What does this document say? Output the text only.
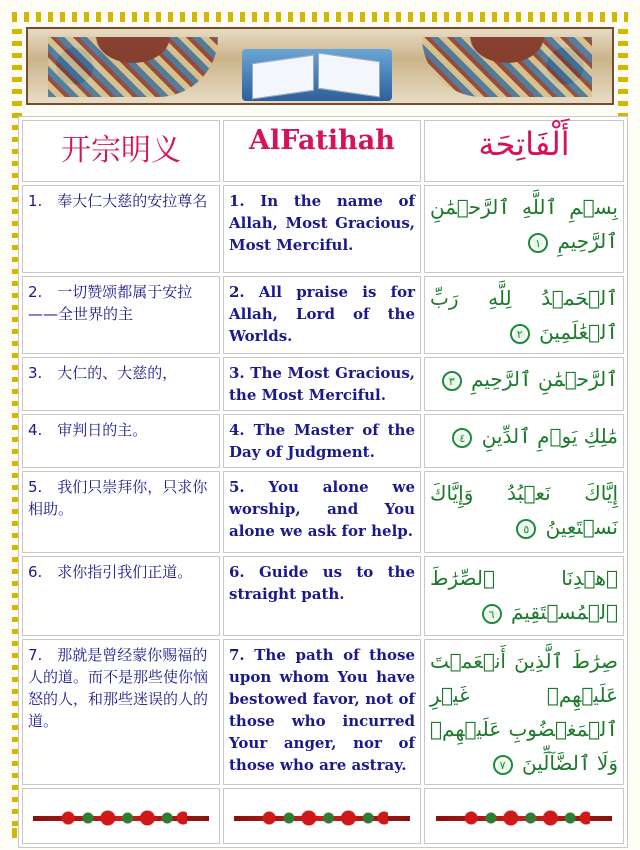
开宗明义	AlFatihah	أَلْفَاتِحَة
1.　奉大仁大慈的安拉尊名	1. In the name of Allah, Most Gracious, Most Merciful.	بِسۡمِ ٱللَّهِ ٱلرَّحۡمَٰنِ ٱلرَّحِيمِ ١
2.　一切赞颂都属于安拉——全世界的主	2. All praise is for Allah, Lord of the Worlds.	ٱلۡحَمۡدُ لِلَّهِ رَبِّ ٱلۡعَٰلَمِينَ ٢
3.　大仁的、大慈的，	3. The Most Gracious, the Most Merciful.	ٱلرَّحۡمَٰنِ ٱلرَّحِيمِ ٣
4.　审判日的主。	4. The Master of the Day of Judgment.	مَٰلِكِ يَوۡمِ ٱلدِّينِ ٤
5.　我们只崇拜你，只求你相助。	5. You alone we worship, and You alone we ask for help.	إِيَّاكَ نَعۡبُدُ وَإِيَّاكَ نَسۡتَعِينُ ٥
6.　求你指引我们正道。	6. Guide us to the straight path.	ٱهۡدِنَا ٱلصِّرَٰطَ ٱلۡمُسۡتَقِيمَ ٦
7.　那就是曾经蒙你赐福的人的道。而不是那些使你恼怒的人，和那些迷误的人的道。	7. The path of those upon whom You have bestowed favor, not of those who incurred Your anger, nor of those who are astray.	صِرَٰطَ ٱلَّذِينَ أَنۡعَمۡتَ عَلَيۡهِمۡ غَيۡرِ ٱلۡمَغۡضُوبِ عَلَيۡهِمۡ وَلَا ٱلضَّآلِّينَ ٧
